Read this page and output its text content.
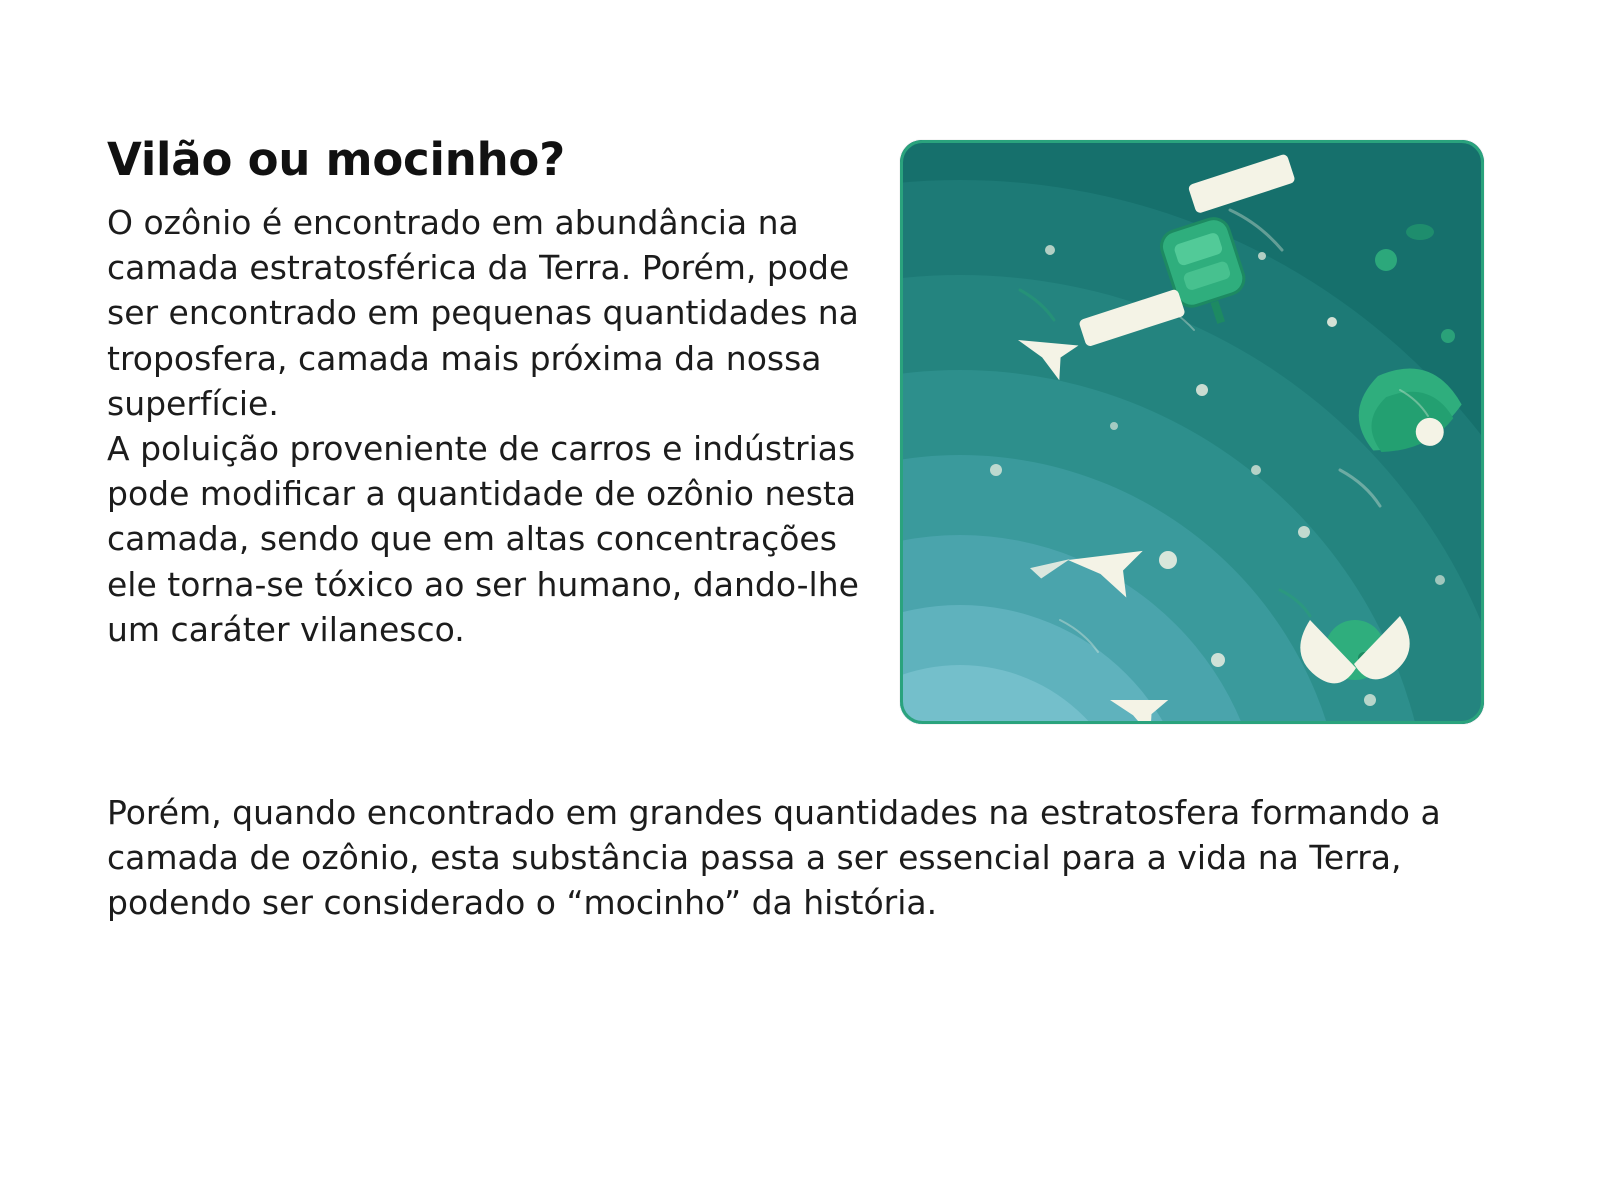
Vilão ou mocinho?

O ozônio é encontrado em abundância na camada estratosférica da Terra. Porém, pode ser encontrado em pequenas quantidades na troposfera, camada mais próxima da nossa superfície.

A poluição proveniente de carros e indústrias pode modificar a quantidade de ozônio nesta camada, sendo que em altas concentrações ele torna-se tóxico ao ser humano, dando-lhe um caráter vilanesco.

Porém, quando encontrado em grandes quantidades na estratosfera formando a camada de ozônio, esta substância passa a ser essencial para a vida na Terra, podendo ser considerado o “mocinho” da história.
